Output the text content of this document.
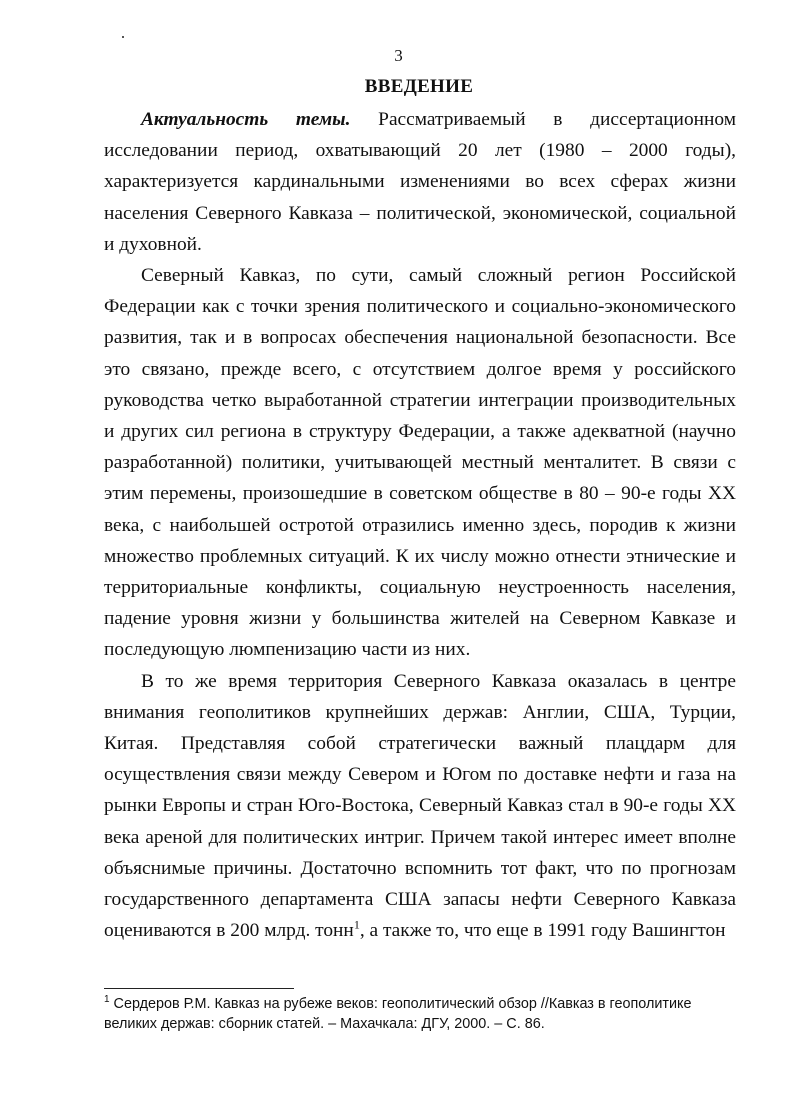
3
ВВЕДЕНИЕ

Актуальность темы. Рассматриваемый в диссертационном исследовании период, охватывающий 20 лет (1980 – 2000 годы), характеризуется кардинальными изменениями во всех сферах жизни населения Северного Кавказа – политической, экономической, социальной и духовной.

Северный Кавказ, по сути, самый сложный регион Российской Федерации как с точки зрения политического и социально-экономического развития, так и в вопросах обеспечения национальной безопасности. Все это связано, прежде всего, с отсутствием долгое время у российского руководства четко выработанной стратегии интеграции производительных и других сил региона в структуру Федерации, а также адекватной (научно разработанной) политики, учитывающей местный менталитет. В связи с этим перемены, произошедшие в советском обществе в 80 – 90-е годы XX века, с наибольшей остротой отразились именно здесь, породив к жизни множество проблемных ситуаций. К их числу можно отнести этнические и территориальные конфликты, социальную неустроенность населения, падение уровня жизни у большинства жителей на Северном Кавказе и последующую люмпенизацию части из них.

В то же время территория Северного Кавказа оказалась в центре внимания геополитиков крупнейших держав: Англии, США, Турции, Китая. Представляя собой стратегически важный плацдарм для осуществления связи между Севером и Югом по доставке нефти и газа на рынки Европы и стран Юго-Востока, Северный Кавказ стал в 90-е годы XX века ареной для политических интриг. Причем такой интерес имеет вполне объяснимые причины. Достаточно вспомнить тот факт, что по прогнозам государственного департамента США запасы нефти Северного Кавказа оцениваются в 200 млрд. тонн$^1$, а также то, что еще в 1991 году Вашингтон

$^1$ Сердеров Р.М. Кавказ на рубеже веков: геополитический обзор //Кавказ в геополитике великих держав: сборник статей. – Махачкала: ДГУ, 2000. – С. 86.
